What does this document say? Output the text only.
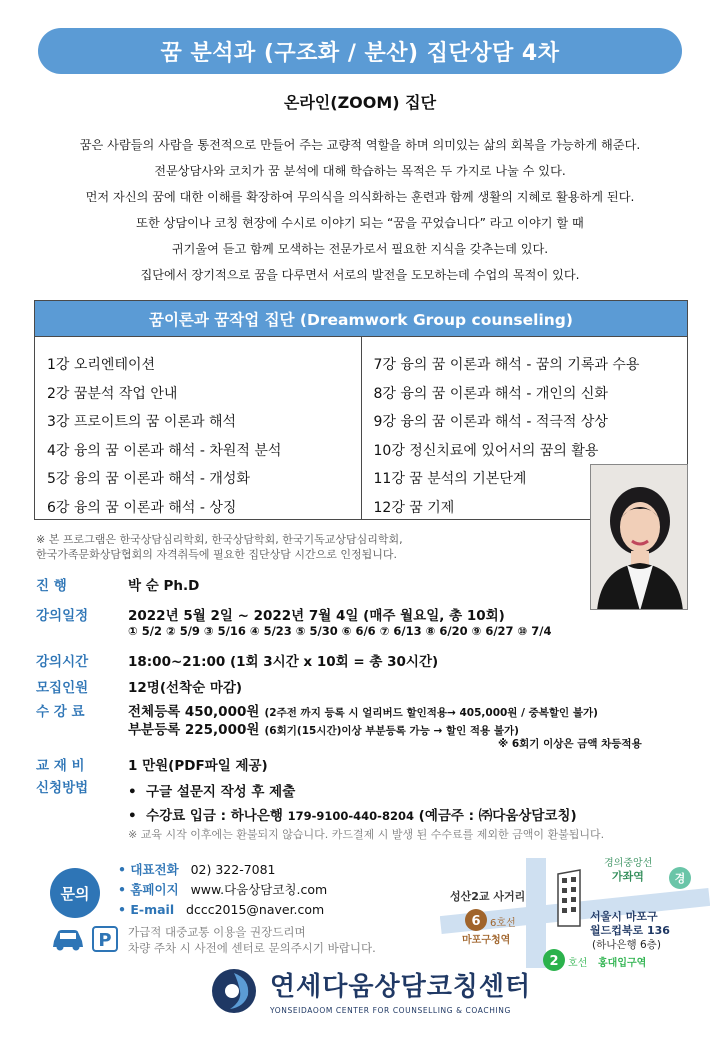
꿈 분석과 (구조화 / 분산) 집단상담 4차
온라인(ZOOM) 집단
꿈은 사람들의 사람을 통전적으로 만들어 주는 교량적 역할을 하며 의미있는 삶의 회복을 가능하게 해준다.
전문상담사와 코치가 꿈 분석에 대해 학습하는 목적은 두 가지로 나눌 수 있다.
먼저 자신의 꿈에 대한 이해를 확장하여 무의식을 의식화하는 훈련과 함께 생활의 지혜로 활용하게 된다.
또한 상담이나 코칭 현장에 수시로 이야기 되는 “꿈을 꾸었습니다” 라고 이야기 할 때
귀기울여 듣고 함께 모색하는 전문가로서 필요한 지식을 갖추는데 있다.
집단에서 장기적으로 꿈을 다루면서 서로의 발전을 도모하는데 수업의 목적이 있다.
꿈이론과 꿈작업 집단 (Dreamwork Group counseling)
1강 오리엔테이션
2강 꿈분석 작업 안내
3강 프로이트의 꿈 이론과 해석
4강 융의 꿈 이론과 해석 - 차원적 분석
5강 융의 꿈 이론과 해석 - 개성화
6강 융의 꿈 이론과 해석 - 상징
7강 융의 꿈 이론과 해석 - 꿈의 기록과 수용
8강 융의 꿈 이론과 해석 - 개인의 신화
9강 융의 꿈 이론과 해석 - 적극적 상상
10강 정신치료에 있어서의 꿈의 활용
11강 꿈 분석의 기본단계
12강 꿈 기제
※ 본 프로그램은 한국상담심리학회, 한국상담학회, 한국기독교상담심리학회,
한국가족문화상담협회의 자격취득에 필요한 집단상담 시간으로 인정됩니다.
진 행	박 순 Ph.D
강의일정	2022년 5월 2일 ~ 2022년 7월 4일 (매주 월요일, 총 10회)
① 5/2 ② 5/9 ③ 5/16 ④ 5/23 ⑤ 5/30 ⑥ 6/6 ⑦ 6/13 ⑧ 6/20 ⑨ 6/27 ⑩ 7/4
강의시간	18:00~21:00 (1회 3시간 x 10회 = 총 30시간)
모집인원	12명(선착순 마감)
수 강 료	전체등록 450,000원 (2주전 까지 등록 시 얼리버드 할인적용→ 405,000원 / 중복할인 불가)
부분등록 225,000원 (6회기(15시간)이상 부분등록 가능 → 할인 적용 불가)
※ 6회기 이상은 금액 차등적용
교 재 비	1 만원(PDF파일 제공)
신청방법	•  구글 설문지 작성 후 제출
•  수강료 입금 : 하나은행 179-9100-440-8204 (예금주 : ㈜다움상담코칭)
※ 교육 시작 이후에는 환불되지 않습니다. 카드결제 시 발생 된 수수료를 제외한 금액이 환불됩니다.
문의
• 대표전화 02) 322-7081
• 홈페이지 www.다움상담코칭.com
• E-mail dccc2015@naver.com
P 가급적 대중교통 이용을 권장드리며
차량 주차 시 사전에 센터로 문의주시기 바랍니다.
경의중앙선
가좌역	경
성산2교 사거리
6 6호선
마포구청역
서울시 마포구
월드컵북로 136
(하나은행 6층)
2 호선 홍대입구역
연세다움상담코칭센터
YONSEIDAOOM CENTER FOR COUNSELLING & COACHING
